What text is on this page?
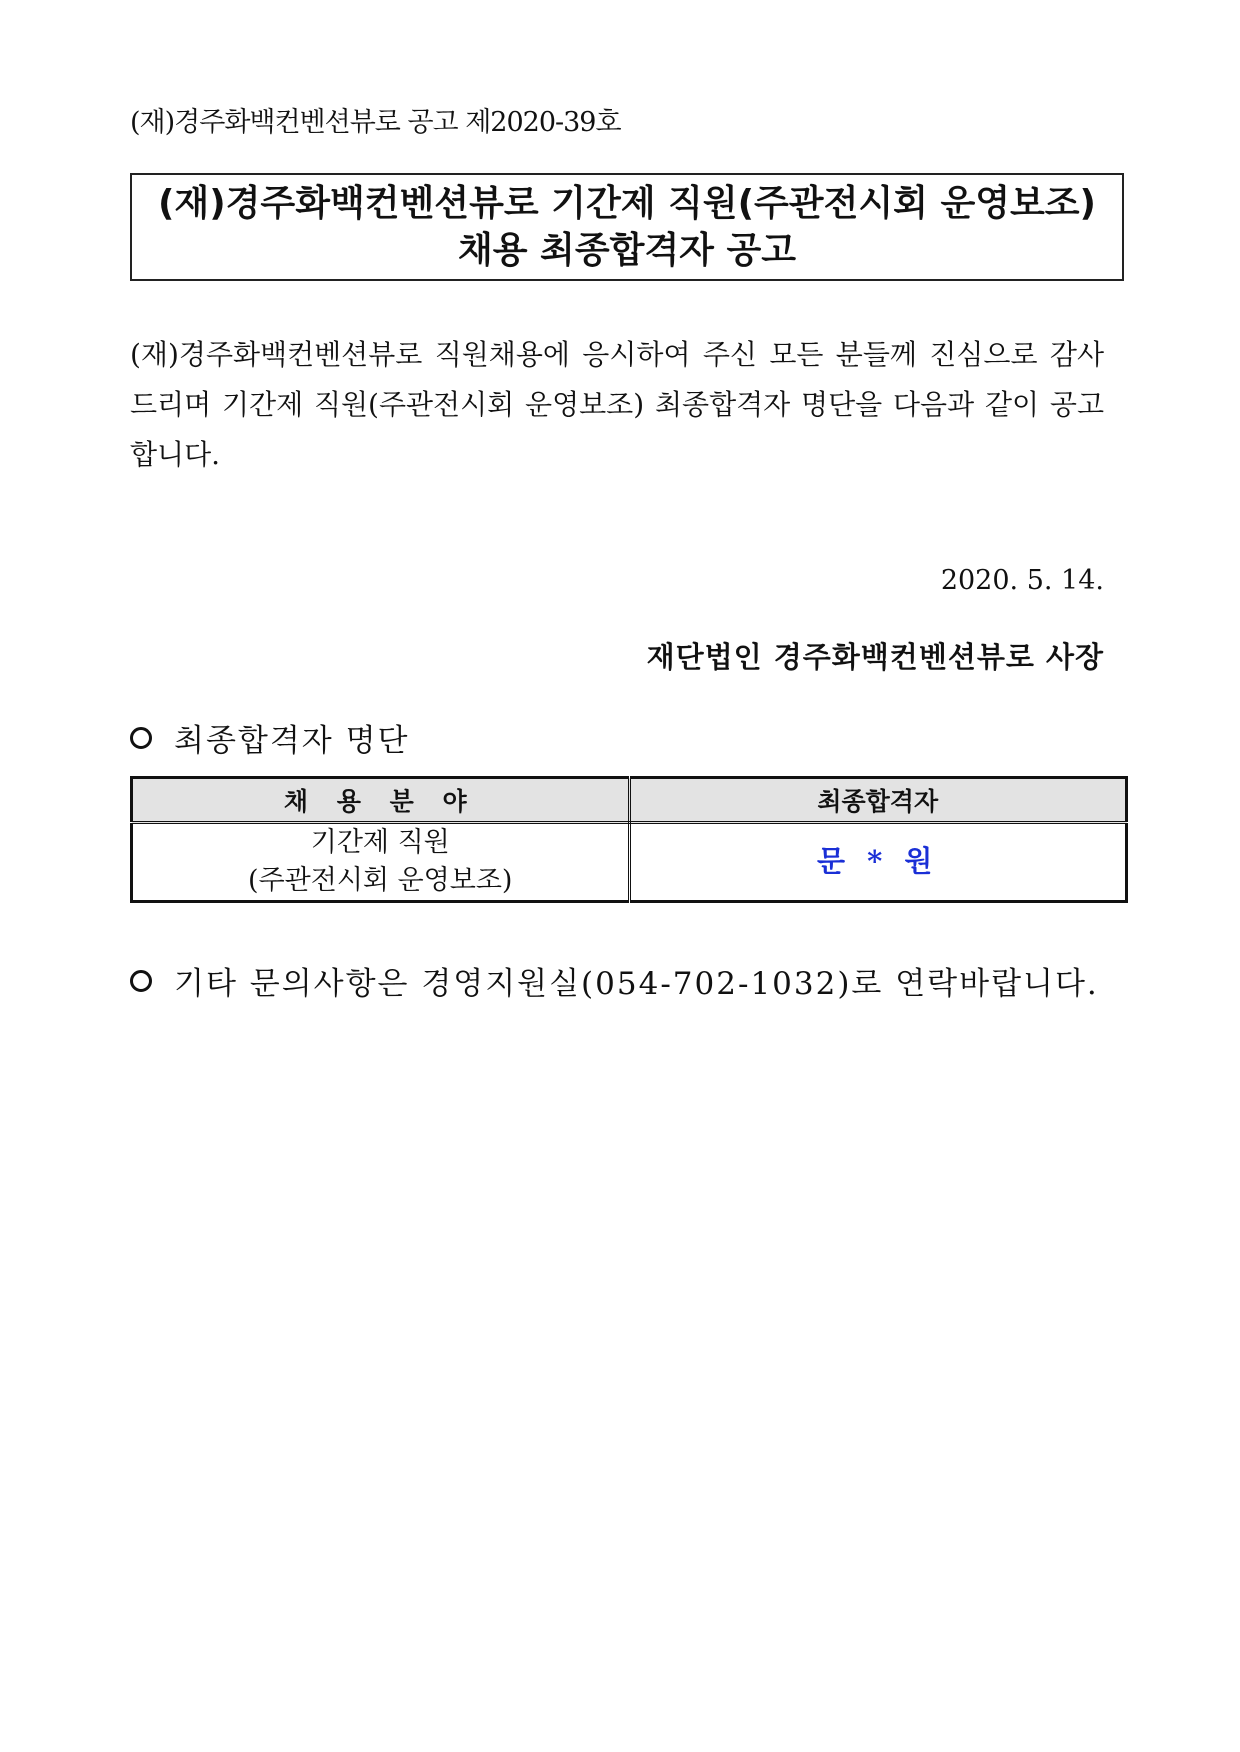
(재)경주화백컨벤션뷰로 공고 제2020-39호
(재)경주화백컨벤션뷰로 기간제 직원(주관전시회 운영보조)
채용 최종합격자 공고
(재)경주화백컨벤션뷰로 직원채용에 응시하여 주신 모든 분들께 진심으로 감사드리며 기간제 직원(주관전시회 운영보조) 최종합격자 명단을 다음과 같이 공고합니다.
2020. 5. 14.
재단법인 경주화백컨벤션뷰로 사장
최종합격자 명단
채 용 분 야	최종합격자

기간제 직원
(주관전시회 운영보조)	문 * 원
기타 문의사항은 경영지원실(054-702-1032)로 연락바랍니다.
